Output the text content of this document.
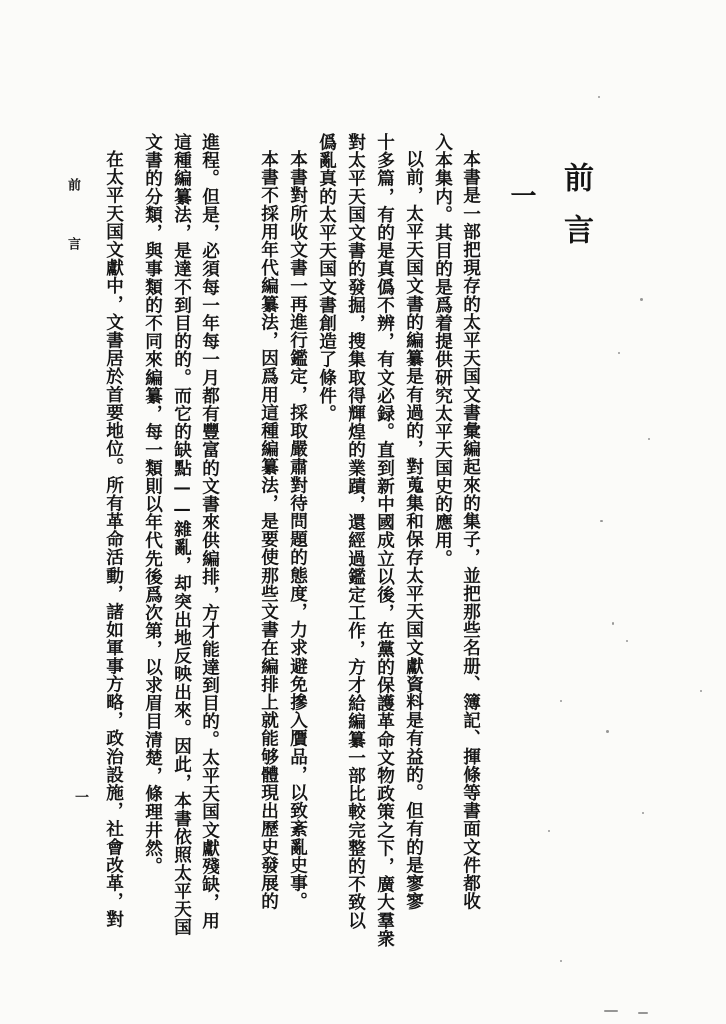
前言
一
本書是一部把現存的太平天国文書彙編起來的集子，並把那些名册、簿記、揮條等書面文件都收
入本集内。其目的是爲着提供研究太平天国史的應用。
以前，太平天国文書的編纂是有過的，對蒐集和保存太平天国文獻資料是有益的。但有的是寥寥
十多篇，有的是真僞不辨，有文必録。直到新中國成立以後，在黨的保護革命文物政策之下，廣大羣衆
對太平天国文書的發掘，搜集取得輝煌的業蹟，還經過鑑定工作，方才給編纂一部比較完整的不致以
僞亂真的太平天国文書創造了條件。
本書對所收文書一再進行鑑定，採取嚴肅對待問題的態度，力求避免摻入贋品，以致紊亂史事。
本書不採用年代編纂法，因爲用這種編纂法，是要使那些文書在編排上就能够體現出歷史發展的
進程。但是，必須每一年每一月都有豐富的文書來供編排，方才能達到目的。太平天国文獻殘缺，用
這種編纂法，是達不到目的的。而它的缺點——雜亂，却突出地反映出來。因此，本書依照太平天国
文書的分類，與事類的不同來編纂，每一類則以年代先後爲次第，以求眉目清楚，條理井然。
在太平天国文獻中，文書居於首要地位。所有革命活動，諸如軍事方略，政治設施，社會改革，對
前言
一
